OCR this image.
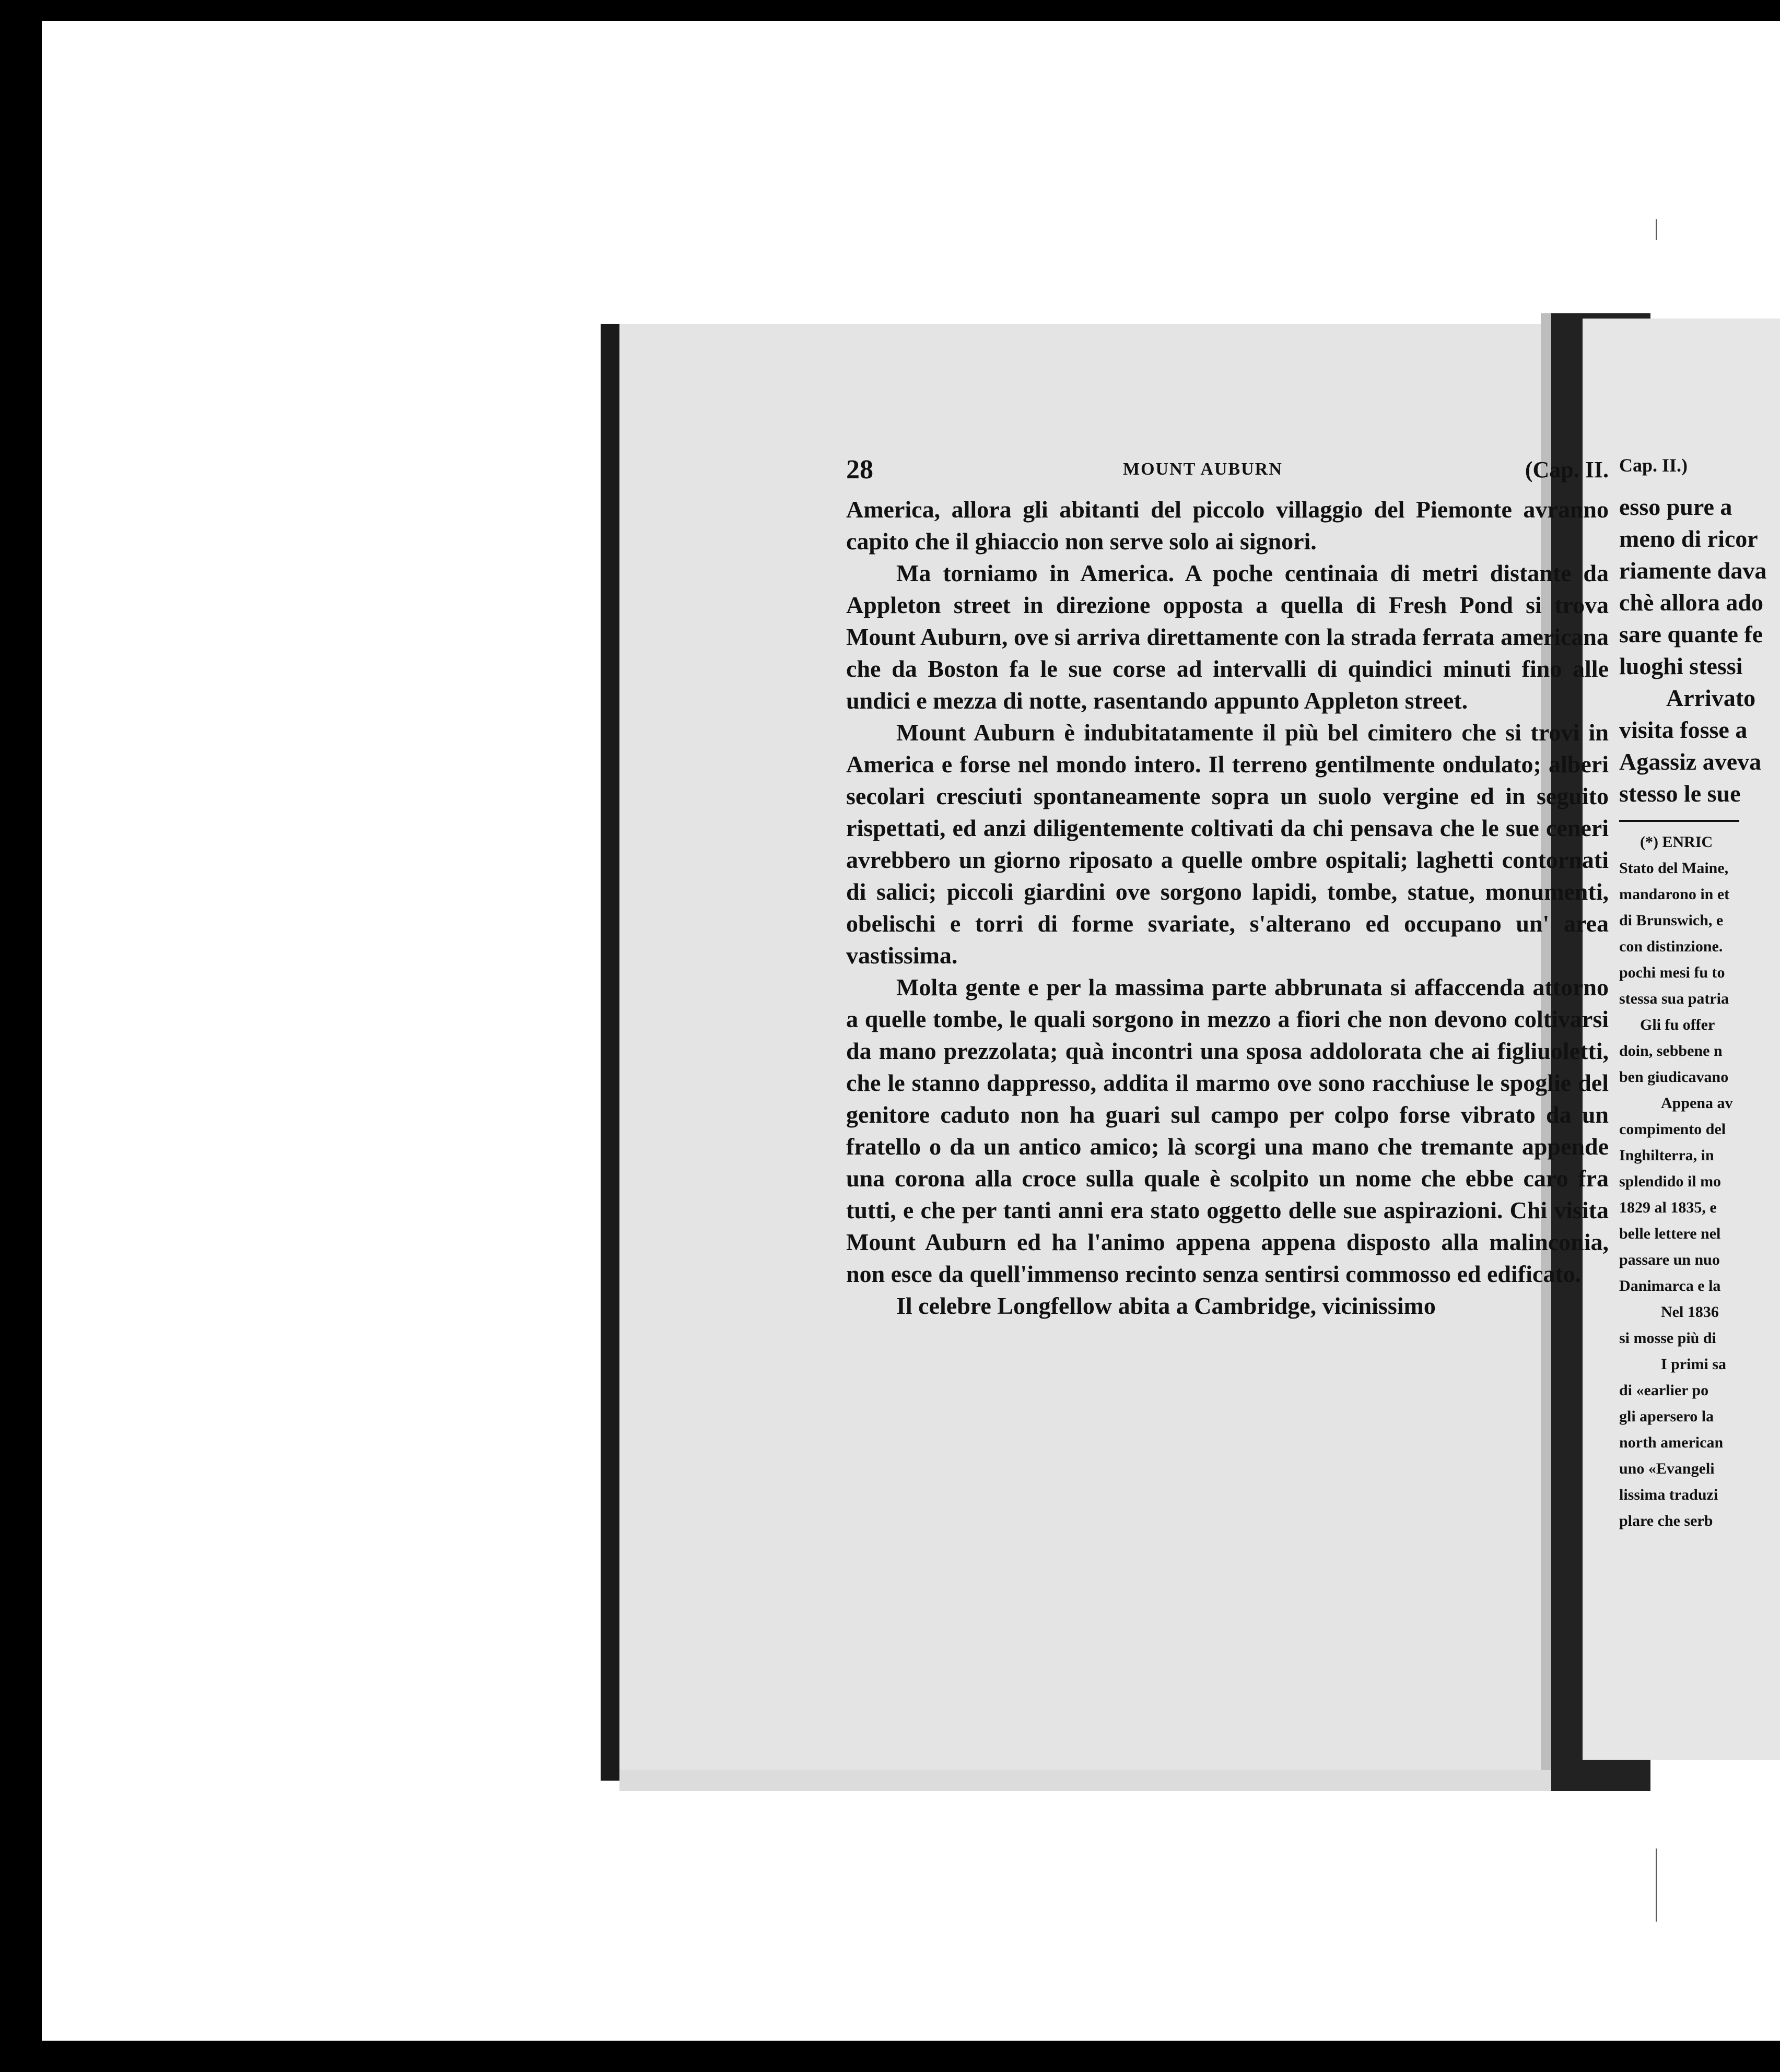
28	MOUNT AUBURN	(Cap. II.

America, allora gli abitanti del piccolo villaggio del Piemonte avranno capito che il ghiaccio non serve solo ai signori.

Ma torniamo in America. A poche centinaia di metri distante da Appleton street in direzione opposta a quella di Fresh Pond si trova Mount Auburn, ove si arriva direttamente con la strada ferrata americana che da Boston fa le sue corse ad intervalli di quindici minuti fino alle undici e mezza di notte, rasentando appunto Appleton street.

Mount Auburn è indubitatamente il più bel cimitero che si trovi in America e forse nel mondo intero. Il terreno gentilmente ondulato; alberi secolari cresciuti spontaneamente sopra un suolo vergine ed in seguito rispettati, ed anzi diligentemente coltivati da chi pensava che le sue ceneri avrebbero un giorno riposato a quelle ombre ospitali; laghetti contornati di salici; piccoli giardini ove sorgono lapidi, tombe, statue, monumenti, obelischi e torri di forme svariate, s'alterano ed occupano un' area vastissima.

Molta gente e per la massima parte abbrunata si affaccenda attorno a quelle tombe, le quali sorgono in mezzo a fiori che non devono coltivarsi da mano prezzolata; quà incontri una sposa addolorata che ai figliuoletti, che le stanno dappresso, addita il marmo ove sono racchiuse le spoglie del genitore caduto non ha guari sul campo per colpo forse vibrato da un fratello o da un antico amico; là scorgi una mano che tremante appende una corona alla croce sulla quale è scolpito un nome che ebbe caro fra tutti, e che per tanti anni era stato oggetto delle sue aspirazioni. Chi visita Mount Auburn ed ha l'animo appena appena disposto alla malinconia, non esce da quell'immenso recinto senza sentirsi commosso ed edificato.

Il celebre Longfellow abita a Cambridge, vicinissimo

Cap. II.)
esso pure a
meno di ricor
riamente dava
chè allora ado
sare quante fe
luoghi stessi
Arrivato
visita fosse a
Agassiz aveva
stesso le sue
(*) ENRIC
Stato del Maine,
mandarono in et
di Brunswich, e
con distinzione.
pochi mesi fu to
stessa sua patria
Gli fu offer
doin, sebbene n
ben giudicavano
Appena av
compimento del
Inghilterra, in
splendido il mo
1829 al 1835, e
belle lettere nel
passare un nuo
Danimarca e la
Nel 1836
si mosse più di
I primi sa
di «earlier po
gli apersero la
north american
uno «Evangeli
lissima traduzi
plare che serb
